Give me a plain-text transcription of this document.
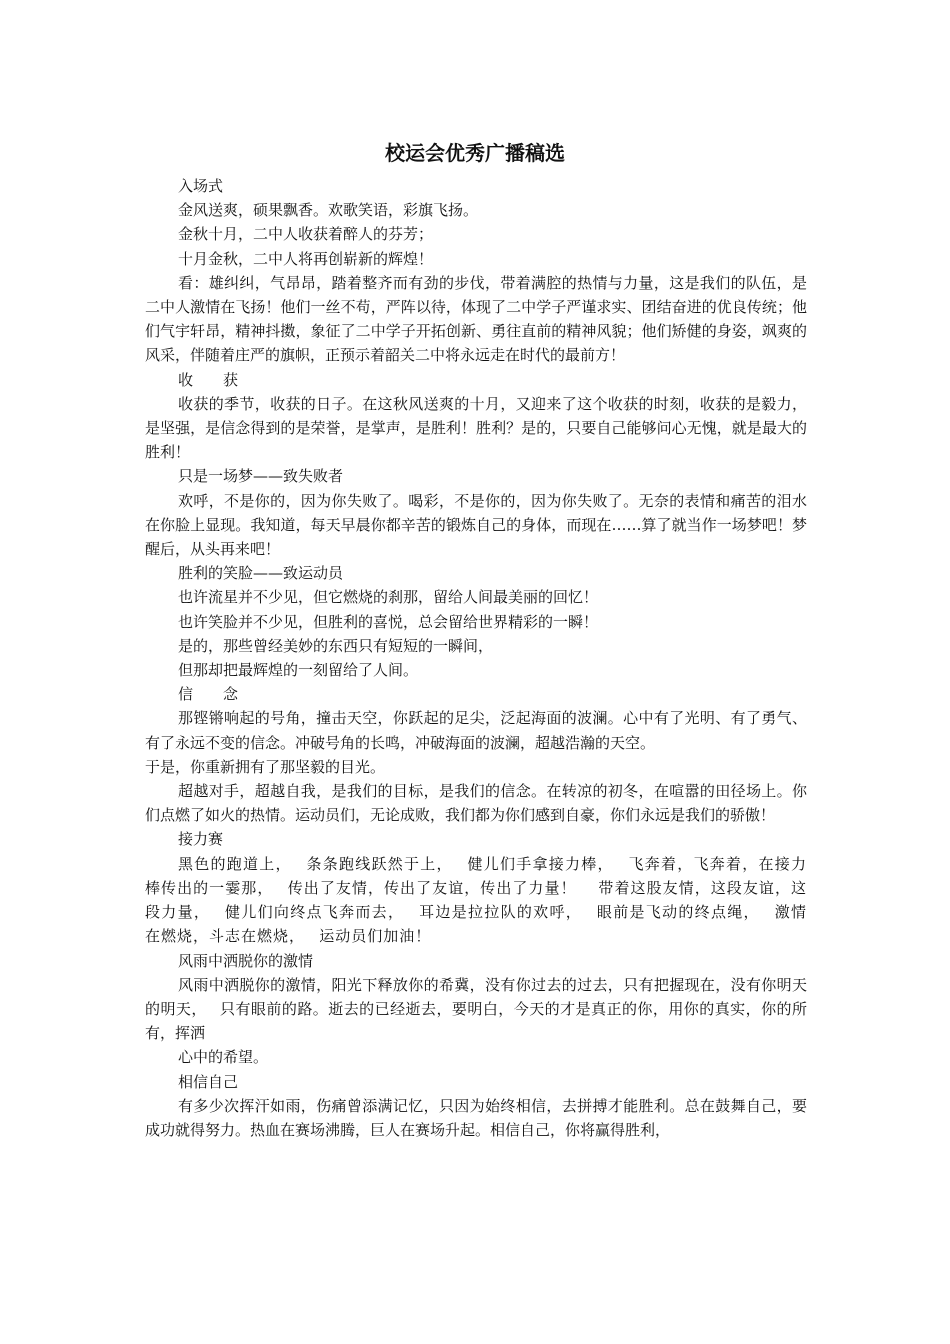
校运会优秀广播稿选

入场式

金风送爽，硕果飘香。欢歌笑语，彩旗飞扬。

金秋十月，二中人收获着醉人的芬芳；

十月金秋，二中人将再创崭新的辉煌！

看：雄纠纠，气昂昂，踏着整齐而有劲的步伐，带着满腔的热情与力量，这是我们的队伍，是二中人激情在飞扬！他们一丝不苟，严阵以待，体现了二中学子严谨求实、团结奋进的优良传统；他们气宇轩昂，精神抖擞，象征了二中学子开拓创新、勇往直前的精神风貌；他们矫健的身姿，飒爽的风采，伴随着庄严的旗帜，正预示着韶关二中将永远走在时代的最前方！

收　　获

收获的季节，收获的日子。在这秋风送爽的十月，又迎来了这个收获的时刻，收获的是毅力，是坚强，是信念得到的是荣誉，是掌声，是胜利！胜利？是的，只要自己能够问心无愧，就是最大的胜利！

只是一场梦——致失败者

欢呼，不是你的，因为你失败了。喝彩，不是你的，因为你失败了。无奈的表情和痛苦的泪水在你脸上显现。我知道，每天早晨你都辛苦的锻炼自己的身体，而现在……算了就当作一场梦吧！梦醒后，从头再来吧！

胜利的笑脸——致运动员

也许流星并不少见，但它燃烧的刹那，留给人间最美丽的回忆！

也许笑脸并不少见，但胜利的喜悦，总会留给世界精彩的一瞬！

是的，那些曾经美妙的东西只有短短的一瞬间，

但那却把最辉煌的一刻留给了人间。

信　　念

那铿锵响起的号角，撞击天空，你跃起的足尖，泛起海面的波澜。心中有了光明、有了勇气、有了永远不变的信念。冲破号角的长鸣，冲破海面的波澜，超越浩瀚的天空。

于是，你重新拥有了那坚毅的目光。

超越对手，超越自我，是我们的目标，是我们的信念。在转凉的初冬，在喧嚣的田径场上。你们点燃了如火的热情。运动员们，无论成败，我们都为你们感到自豪，你们永远是我们的骄傲！

接力赛

黑色的跑道上，　 条条跑线跃然于上，　 健儿们手拿接力棒，　 飞奔着，飞奔着，在接力棒传出的一霎那，　 传出了友情，传出了友谊，传出了力量！　 带着这股友情，这段友谊，这段力量，　 健儿们向终点飞奔而去，　 耳边是拉拉队的欢呼，　 眼前是飞动的终点绳，　 激情在燃烧，斗志在燃烧，　 运动员们加油！

风雨中洒脱你的激情

风雨中洒脱你的激情，阳光下释放你的希冀，没有你过去的过去，只有把握现在，没有你明天的明天，　 只有眼前的路。逝去的已经逝去，要明白，今天的才是真正的你，用你的真实，你的所有，挥洒

心中的希望。

相信自己

有多少次挥汗如雨，伤痛曾添满记忆，只因为始终相信，去拼搏才能胜利。总在鼓舞自己，要成功就得努力。热血在赛场沸腾，巨人在赛场升起。相信自己，你将赢得胜利，
